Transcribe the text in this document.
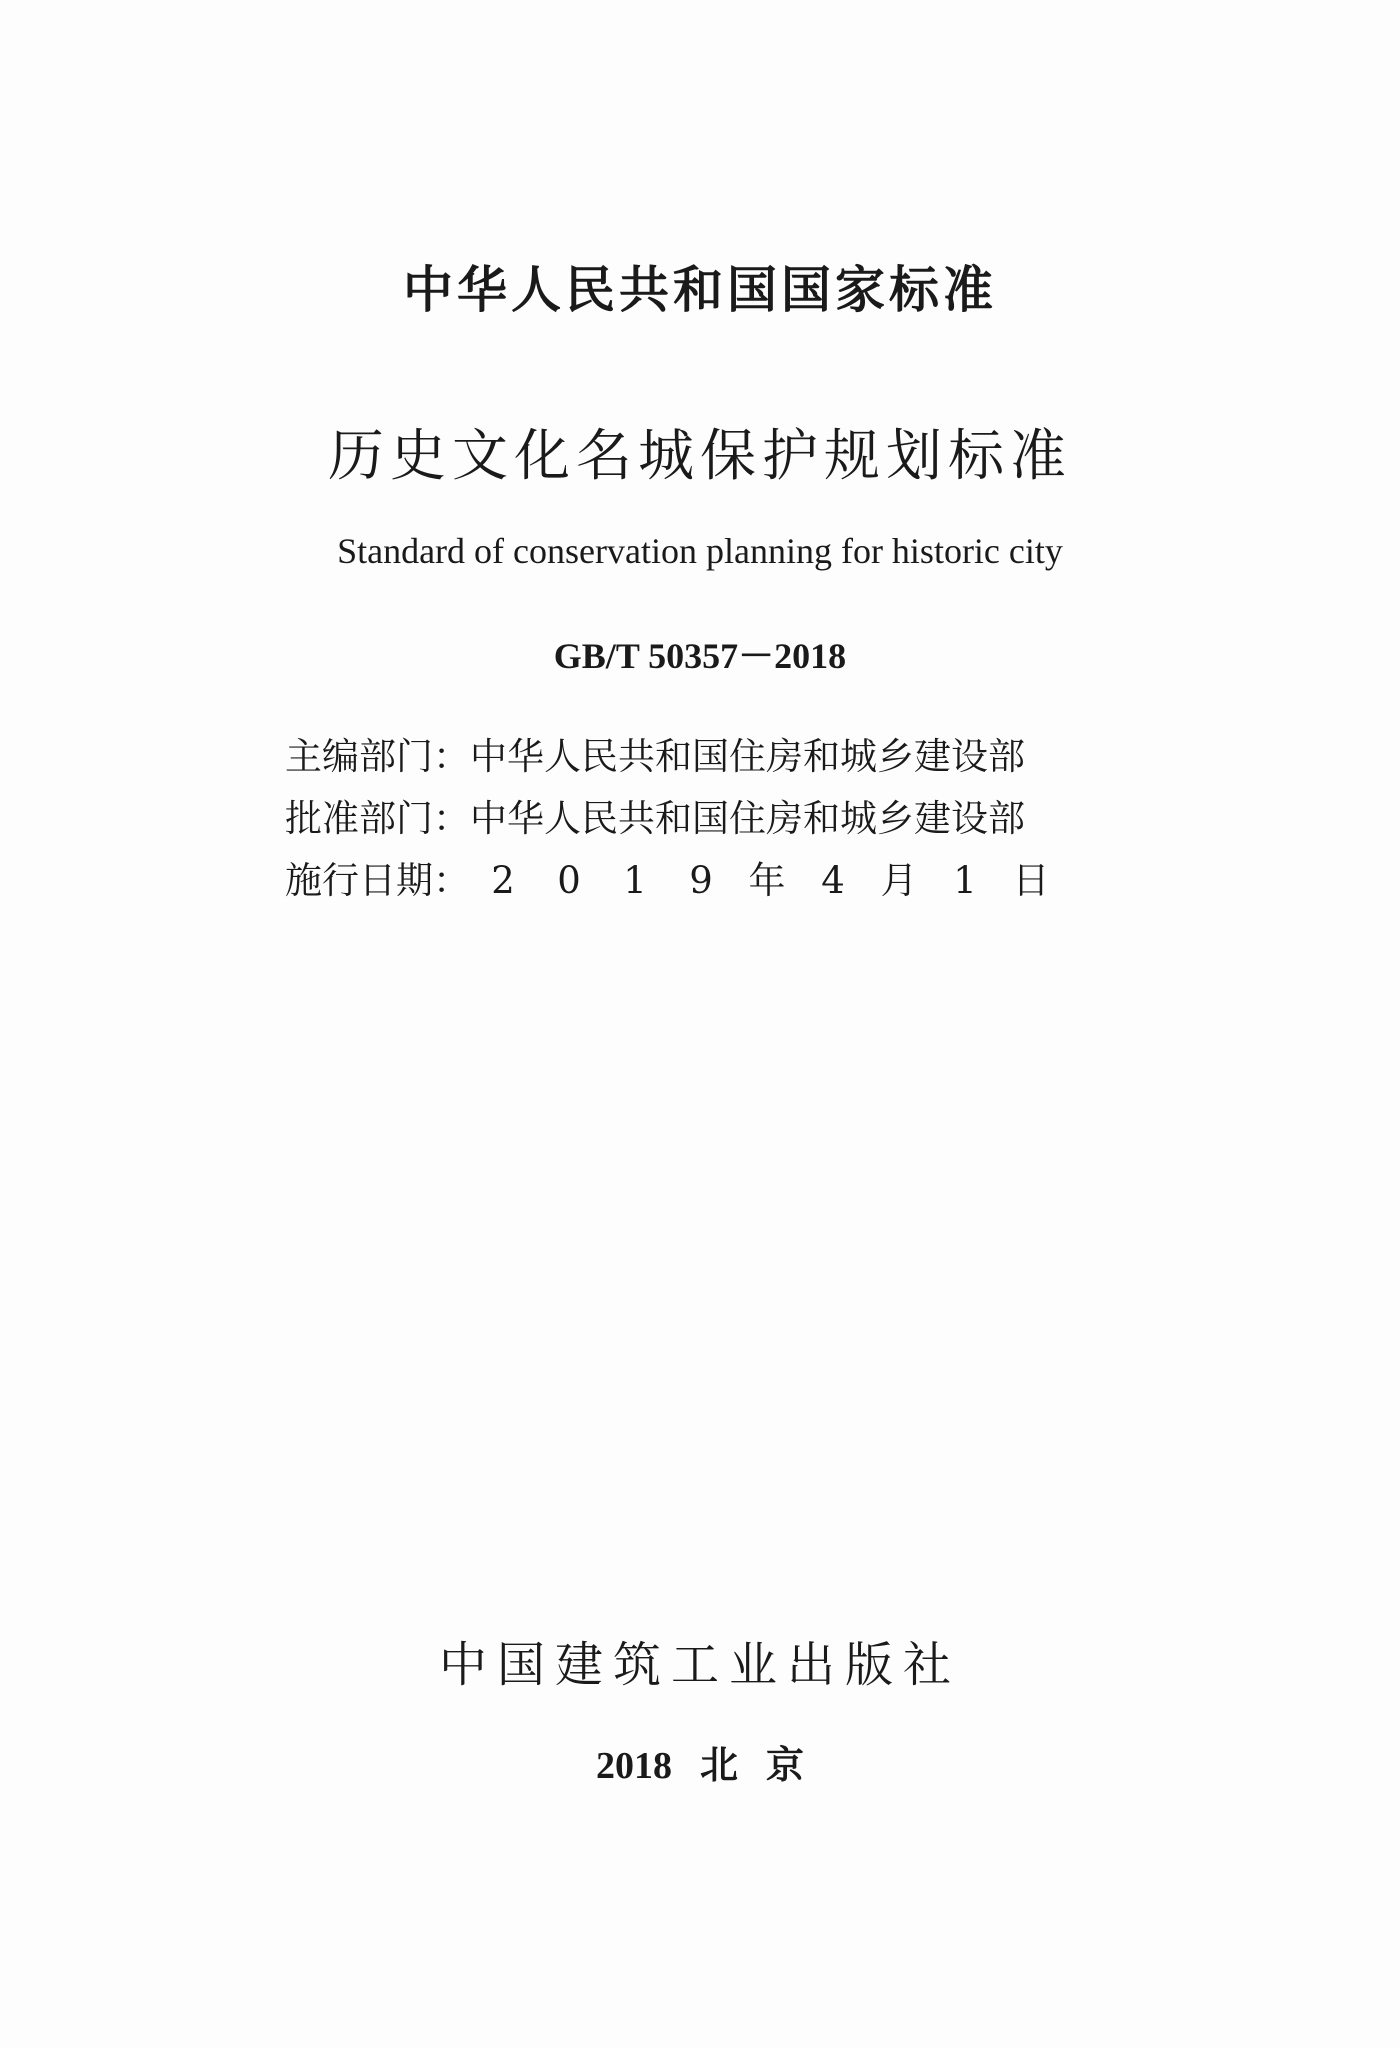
中华人民共和国国家标准
历史文化名城保护规划标准
Standard of conservation planning for historic city
GB/T 50357－2018
主编部门：中华人民共和国住房和城乡建设部
批准部门：中华人民共和国住房和城乡建设部
施行日期： 2 0 1 9 年 4 月 1 日
中国建筑工业出版社
2018 北 京
